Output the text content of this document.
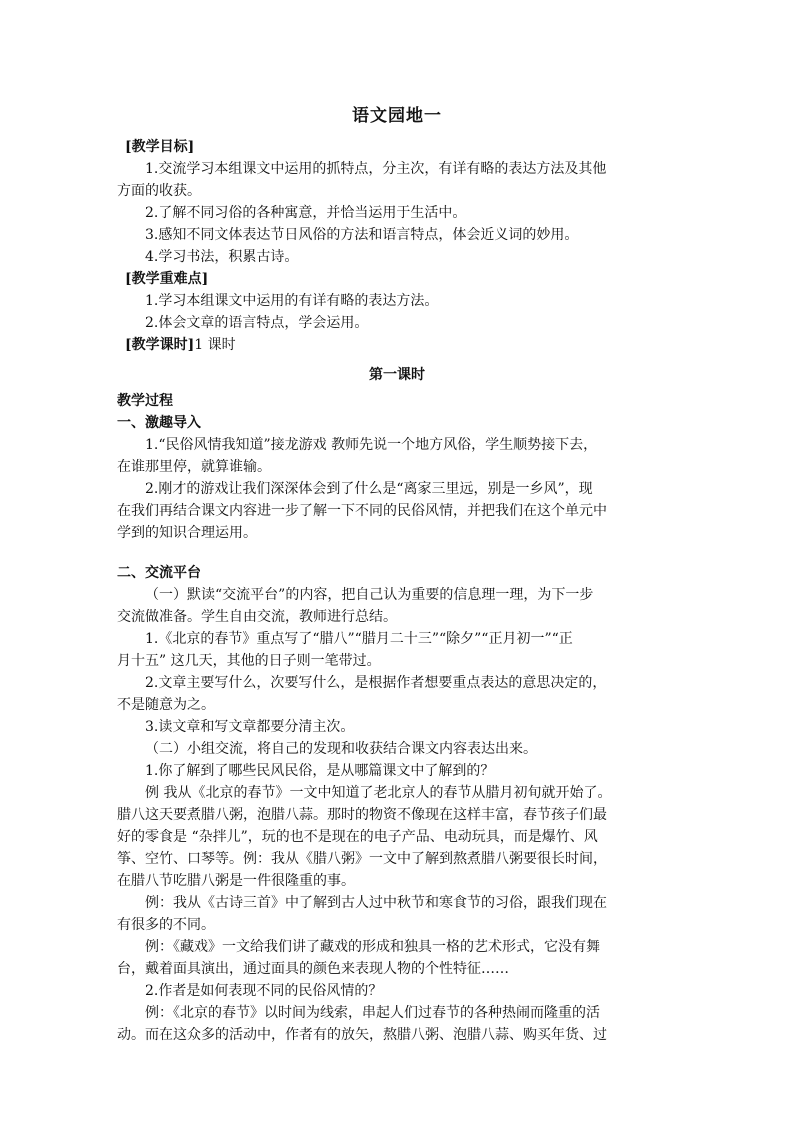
语文园地一

[教学目标]

1.交流学习本组课文中运用的抓特点，分主次，有详有略的表达方法及其他

方面的收获。

2.了解不同习俗的各种寓意，并恰当运用于生活中。

3.感知不同文体表达节日风俗的方法和语言特点，体会近义词的妙用。

4.学习书法，积累古诗。

[教学重难点]

1.学习本组课文中运用的有详有略的表达方法。

2.体会文章的语言特点，学会运用。

[教学课时]1 课时

第一课时

教学过程

一、激趣导入

1.“民俗风情我知道”接龙游戏 教师先说一个地方风俗，学生顺势接下去，

在谁那里停，就算谁输。

2.刚才的游戏让我们深深体会到了什么是“离家三里远，别是一乡风”，现

在我们再结合课文内容进一步了解一下不同的民俗风情，并把我们在这个单元中

学到的知识合理运用。

二、交流平台

（一）默读“交流平台”的内容，把自己认为重要的信息理一理，为下一步

交流做准备。学生自由交流，教师进行总结。

1.《北京的春节》重点写了“腊八”“腊月二十三”“除夕”“正月初一”“正

月十五” 这几天，其他的日子则一笔带过。

2.文章主要写什么，次要写什么，是根据作者想要重点表达的意思决定的，

不是随意为之。

3.读文章和写文章都要分清主次。

（二）小组交流，将自己的发现和收获结合课文内容表达出来。

1.你了解到了哪些民风民俗，是从哪篇课文中了解到的？

例 我从《北京的春节》一文中知道了老北京人的春节从腊月初旬就开始了。

腊八这天要煮腊八粥，泡腊八蒜。那时的物资不像现在这样丰富，春节孩子们最

好的零食是 “杂拌儿”，玩的也不是现在的电子产品、电动玩具，而是爆竹、风

筝、空竹、口琴等。例：我从《腊八粥》一文中了解到熬煮腊八粥要很长时间，

在腊八节吃腊八粥是一件很隆重的事。

例：我从《古诗三首》中了解到古人过中秋节和寒食节的习俗，跟我们现在

有很多的不同。

例：《藏戏》一文给我们讲了藏戏的形成和独具一格的艺术形式，它没有舞

台，戴着面具演出，通过面具的颜色来表现人物的个性特征……

2.作者是如何表现不同的民俗风情的？

例：《北京的春节》以时间为线索，串起人们过春节的各种热闹而隆重的活

动。而在这众多的活动中，作者有的放矢，熬腊八粥、泡腊八蒜、购买年货、过
